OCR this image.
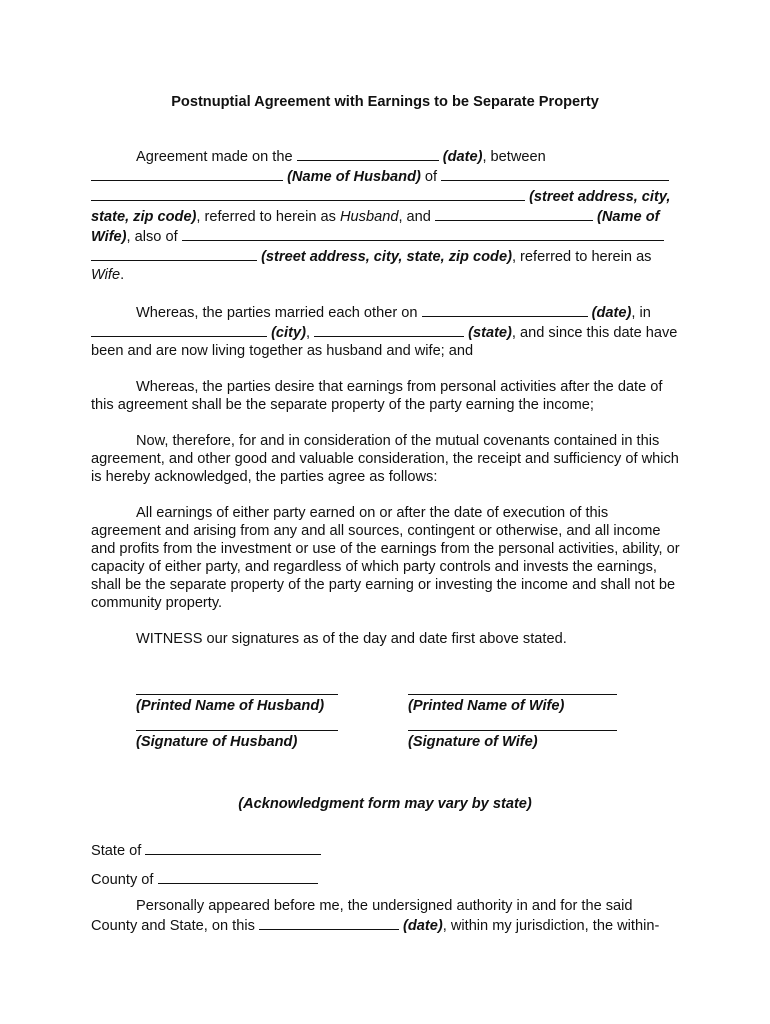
Postnuptial Agreement with Earnings to be Separate Property

Agreement made on the	(date), between  (Name of Husband) of   (street address, city, state, zip code), referred to herein as Husband, and	(Name of Wife), also of   (street address, city, state, zip code), referred to herein as Wife.

Whereas, the parties married each other on	(date), in  (city),	(state), and since this date have been and are now living together as husband and wife; and

Whereas, the parties desire that earnings from personal activities after the date of this agreement shall be the separate property of the party earning the income;

Now, therefore, for and in consideration of the mutual covenants contained in this agreement, and other good and valuable consideration, the receipt and sufficiency of which is hereby acknowledged, the parties agree as follows:

All earnings of either party earned on or after the date of execution of this agreement and arising from any and all sources, contingent or otherwise, and all income and profits from the investment or use of the earnings from the personal activities, ability, or capacity of either party, and regardless of which party controls and invests the earnings, shall be the separate property of the party earning or investing the income and shall not be community property.

WITNESS our signatures as of the day and date first above stated.

(Printed Name of Husband)	(Printed Name of Wife)
(Signature of Husband)	(Signature of Wife)
(Acknowledgment form may vary by state)
State of
County of

Personally appeared before me, the undersigned authority in and for the said County and State, on this	(date), within my jurisdiction, the within-
